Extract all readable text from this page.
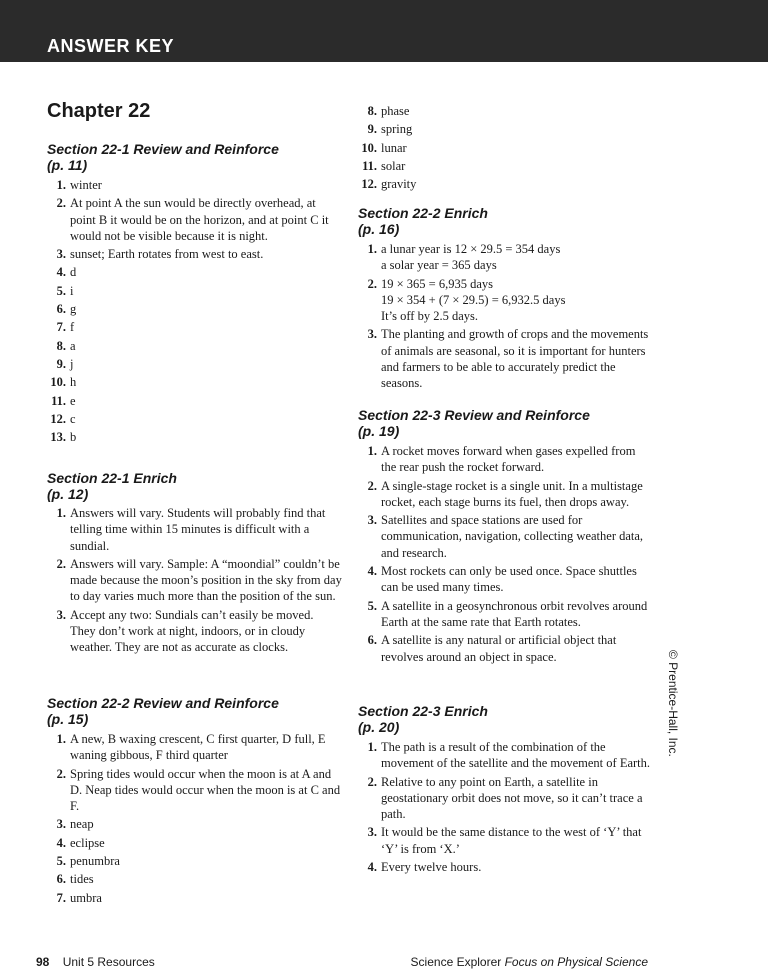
ANSWER KEY
Chapter 22
Section 22-1 Review and Reinforce
(p. 11)
1. winter
2. At point A the sun would be directly overhead, at point B it would be on the horizon, and at point C it would not be visible because it is night.
3. sunset; Earth rotates from west to east.
4. d
5. i
6. g
7. f
8. a
9. j
10. h
11. e
12. c
13. b
Section 22-1 Enrich
(p. 12)
1. Answers will vary. Students will probably find that telling time within 15 minutes is difficult with a sundial.
2. Answers will vary. Sample: A “moondial” couldn’t be made because the moon’s position in the sky from day to day varies much more than the position of the sun.
3. Accept any two: Sundials can’t easily be moved. They don’t work at night, indoors, or in cloudy weather. They are not as accurate as clocks.
Section 22-2 Review and Reinforce
(p. 15)
1. A new, B waxing crescent, C first quarter, D full, E waning gibbous, F third quarter
2. Spring tides would occur when the moon is at A and D. Neap tides would occur when the moon is at C and F.
3. neap
4. eclipse
5. penumbra
6. tides
7. umbra
8. phase
9. spring
10. lunar
11. solar
12. gravity
Section 22-2 Enrich
(p. 16)
1. a lunar year is 12 × 29.5 = 354 days
a solar year = 365 days
2. 19 × 365 = 6,935 days
19 × 354 + (7 × 29.5) = 6,932.5 days
It’s off by 2.5 days.
3. The planting and growth of crops and the movements of animals are seasonal, so it is important for hunters and farmers to be able to accurately predict the seasons.
Section 22-3 Review and Reinforce
(p. 19)
1. A rocket moves forward when gases expelled from the rear push the rocket forward.
2. A single-stage rocket is a single unit. In a multistage rocket, each stage burns its fuel, then drops away.
3. Satellites and space stations are used for communication, navigation, collecting weather data, and research.
4. Most rockets can only be used once. Space shuttles can be used many times.
5. A satellite in a geosynchronous orbit revolves around Earth at the same rate that Earth rotates.
6. A satellite is any natural or artificial object that revolves around an object in space.
Section 22-3 Enrich
(p. 20)
1. The path is a result of the combination of the movement of the satellite and the movement of Earth.
2. Relative to any point on Earth, a satellite in geostationary orbit does not move, so it can’t trace a path.
3. It would be the same distance to the west of ‘Y’ that ‘Y’ is from ‘X.’
4. Every twelve hours.
© Prentice-Hall, Inc.
98 Unit 5 Resources	Science Explorer Focus on Physical Science
